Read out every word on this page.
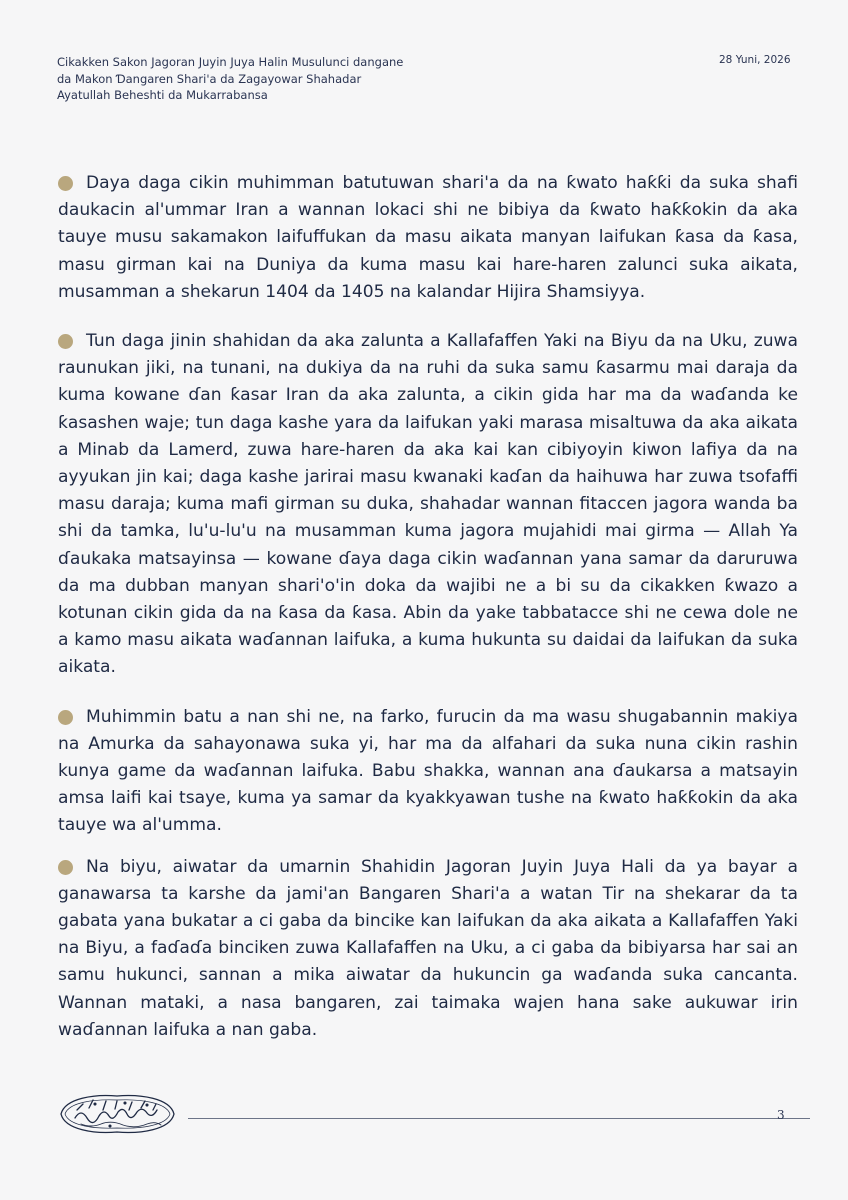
Cikakken Sakon Jagoran Juyin Juya Halin Musulunci dangane da Makon Ɗangaren Shari'a da Zagayowar Shahadar Ayatullah Beheshti da Mukarrabansa

28 Yuni, 2026

Daya daga cikin muhimman batutuwan shari'a da na ƙwato haƙƙi da suka shafi daukacin al'ummar Iran a wannan lokaci shi ne bibiya da ƙwato haƙƙokin da aka tauye musu sakamakon laifuffukan da masu aikata manyan laifukan ƙasa da ƙasa, masu girman kai na Duniya da kuma masu kai hare-haren zalunci suka aikata, musamman a shekarun 1404 da 1405 na kalandar Hijira Shamsiyya.

Tun daga jinin shahidan da aka zalunta a Kallafaffen Yaki na Biyu da na Uku, zuwa raunukan jiki, na tunani, na dukiya da na ruhi da suka samu ƙasarmu mai daraja da kuma kowane ɗan ƙasar Iran da aka zalunta, a cikin gida har ma da waɗanda ke ƙasashen waje; tun daga kashe yara da laifukan yaki marasa misaltuwa da aka aikata a Minab da Lamerd, zuwa hare-haren da aka kai kan cibiyoyin kiwon lafiya da na ayyukan jin kai; daga kashe jarirai masu kwanaki kaɗan da haihuwa har zuwa tsofaffi masu daraja; kuma mafi girman su duka, shahadar wannan fitaccen jagora wanda ba shi da tamka, lu'u-lu'u na musamman kuma jagora mujahidi mai girma — Allah Ya ɗaukaka matsayinsa — kowane ɗaya daga cikin waɗannan yana samar da daruruwa da ma dubban manyan shari'o'in doka da wajibi ne a bi su da cikakken ƙwazo a kotunan cikin gida da na ƙasa da ƙasa. Abin da yake tabbatacce shi ne cewa dole ne a kamo masu aikata waɗannan laifuka, a kuma hukunta su daidai da laifukan da suka aikata.

Muhimmin batu a nan shi ne, na farko, furucin da ma wasu shugabannin makiya na Amurka da sahayonawa suka yi, har ma da alfahari da suka nuna cikin rashin kunya game da waɗannan laifuka. Babu shakka, wannan ana ɗaukarsa a matsayin amsa laifi kai tsaye, kuma ya samar da kyakkyawan tushe na ƙwato haƙƙokin da aka tauye wa al'umma.

Na biyu, aiwatar da umarnin Shahidin Jagoran Juyin Juya Hali da ya bayar a ganawarsa ta karshe da jami'an Bangaren Shari'a a watan Tir na shekarar da ta gabata yana bukatar a ci gaba da bincike kan laifukan da aka aikata a Kallafaffen Yaki na Biyu, a faɗaɗa binciken zuwa Kallafaffen na Uku, a ci gaba da bibiyarsa har sai an samu hukunci, sannan a mika aiwatar da hukuncin ga waɗanda suka cancanta. Wannan mataki, a nasa bangaren, zai taimaka wajen hana sake aukuwar irin waɗannan laifuka a nan gaba.

3
